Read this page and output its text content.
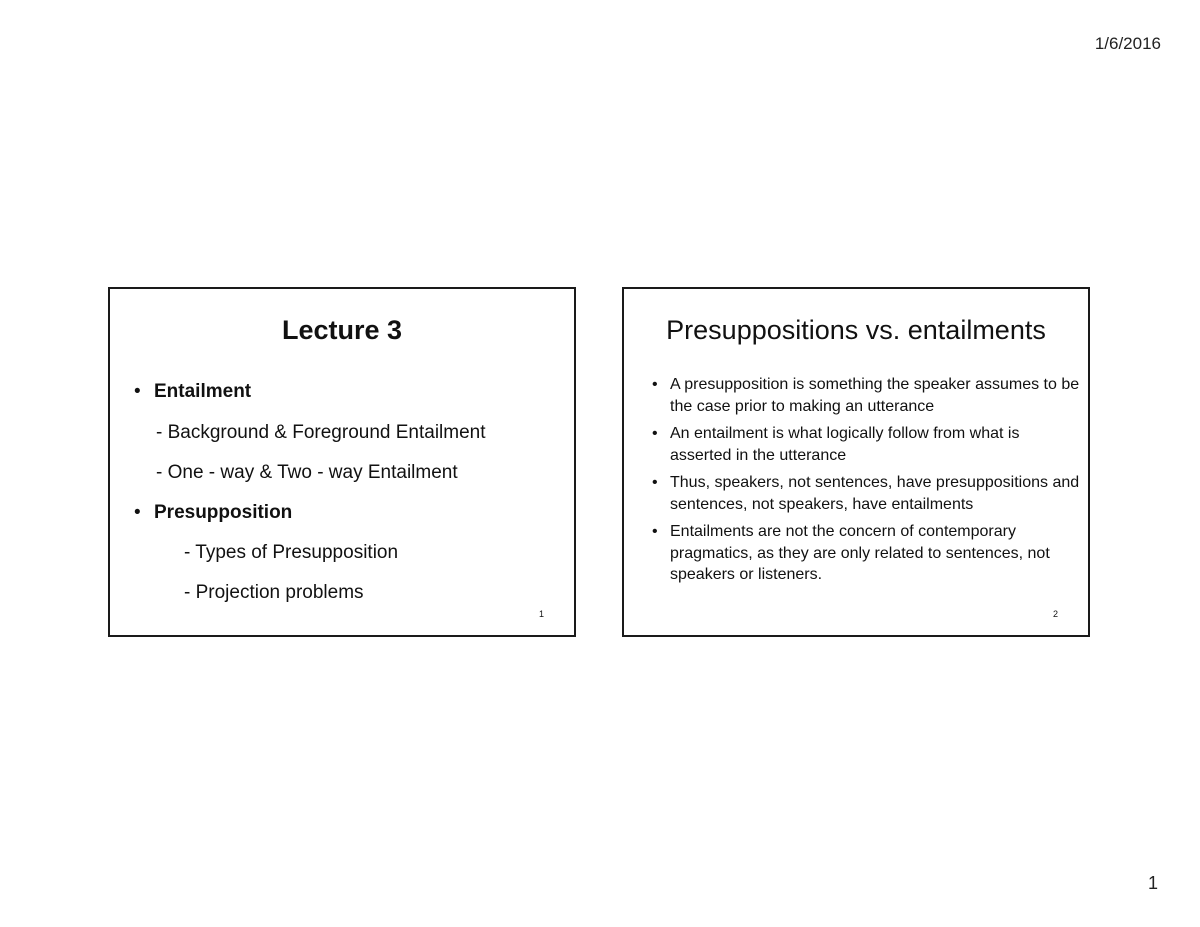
1/6/2016
Lecture 3
• Entailment
- Background & Foreground Entailment
- One - way & Two - way Entailment
• Presupposition
- Types of Presupposition
- Projection problems
1
Presuppositions vs. entailments
• A presupposition is something the speaker assumes to be the case prior to making an utterance
• An entailment is what logically follow from what is asserted in the utterance
• Thus, speakers, not sentences, have presuppositions and sentences, not speakers, have entailments
• Entailments are not the concern of contemporary pragmatics, as they are only related to sentences, not speakers or listeners.
2
1
